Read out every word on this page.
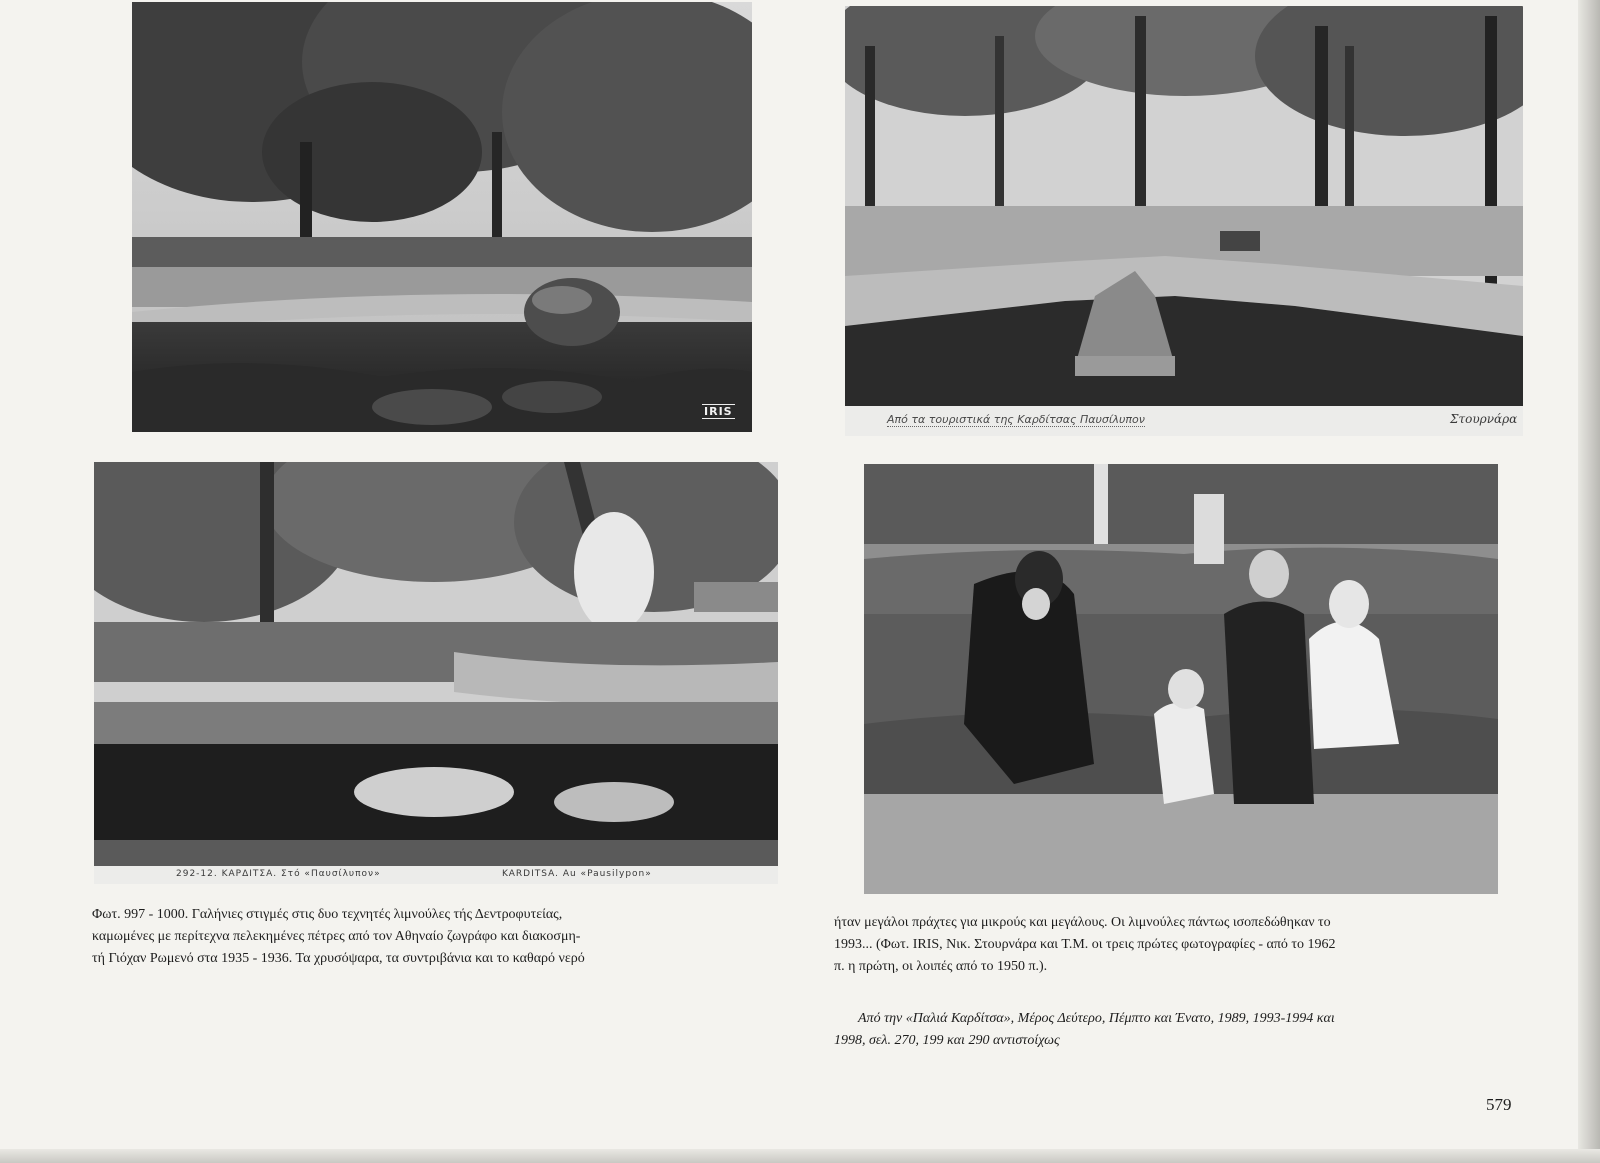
IRIS
Από τα τουριστικά της Καρδίτσας Παυσίλυπον	Στουρνάρα
292-12. ΚΑΡΔΙΤΣΑ. Στό «Παυσίλυπον»	KARDITSA. Au «Pausilypon»
Φωτ. 997 - 1000. Γαλήνιες στιγμές στις δυο τεχνητές λιμνούλες τής Δεντροφυτείας,
καμωμένες με περίτεχνα πελεκημένες πέτρες από τον Αθηναίο ζωγράφο και διακοσμη-
τή Γιόχαν Ρωμενό στα 1935 - 1936. Τα χρυσόψαρα, τα συντριβάνια και το καθαρό νερό
ήταν μεγάλοι πράχτες για μικρούς και μεγάλους. Οι λιμνούλες πάντως ισοπεδώθηκαν το
1993... (Φωτ. IRIS, Νικ. Στουρνάρα και Τ.Μ. οι τρεις πρώτες φωτογραφίες - από το 1962
π. η πρώτη, οι λοιπές από το 1950 π.).
Από την «Παλιά Καρδίτσα», Μέρος Δεύτερο, Πέμπτο και Ένατο, 1989, 1993-1994 και
1998, σελ. 270, 199 και 290 αντιστοίχως
579
